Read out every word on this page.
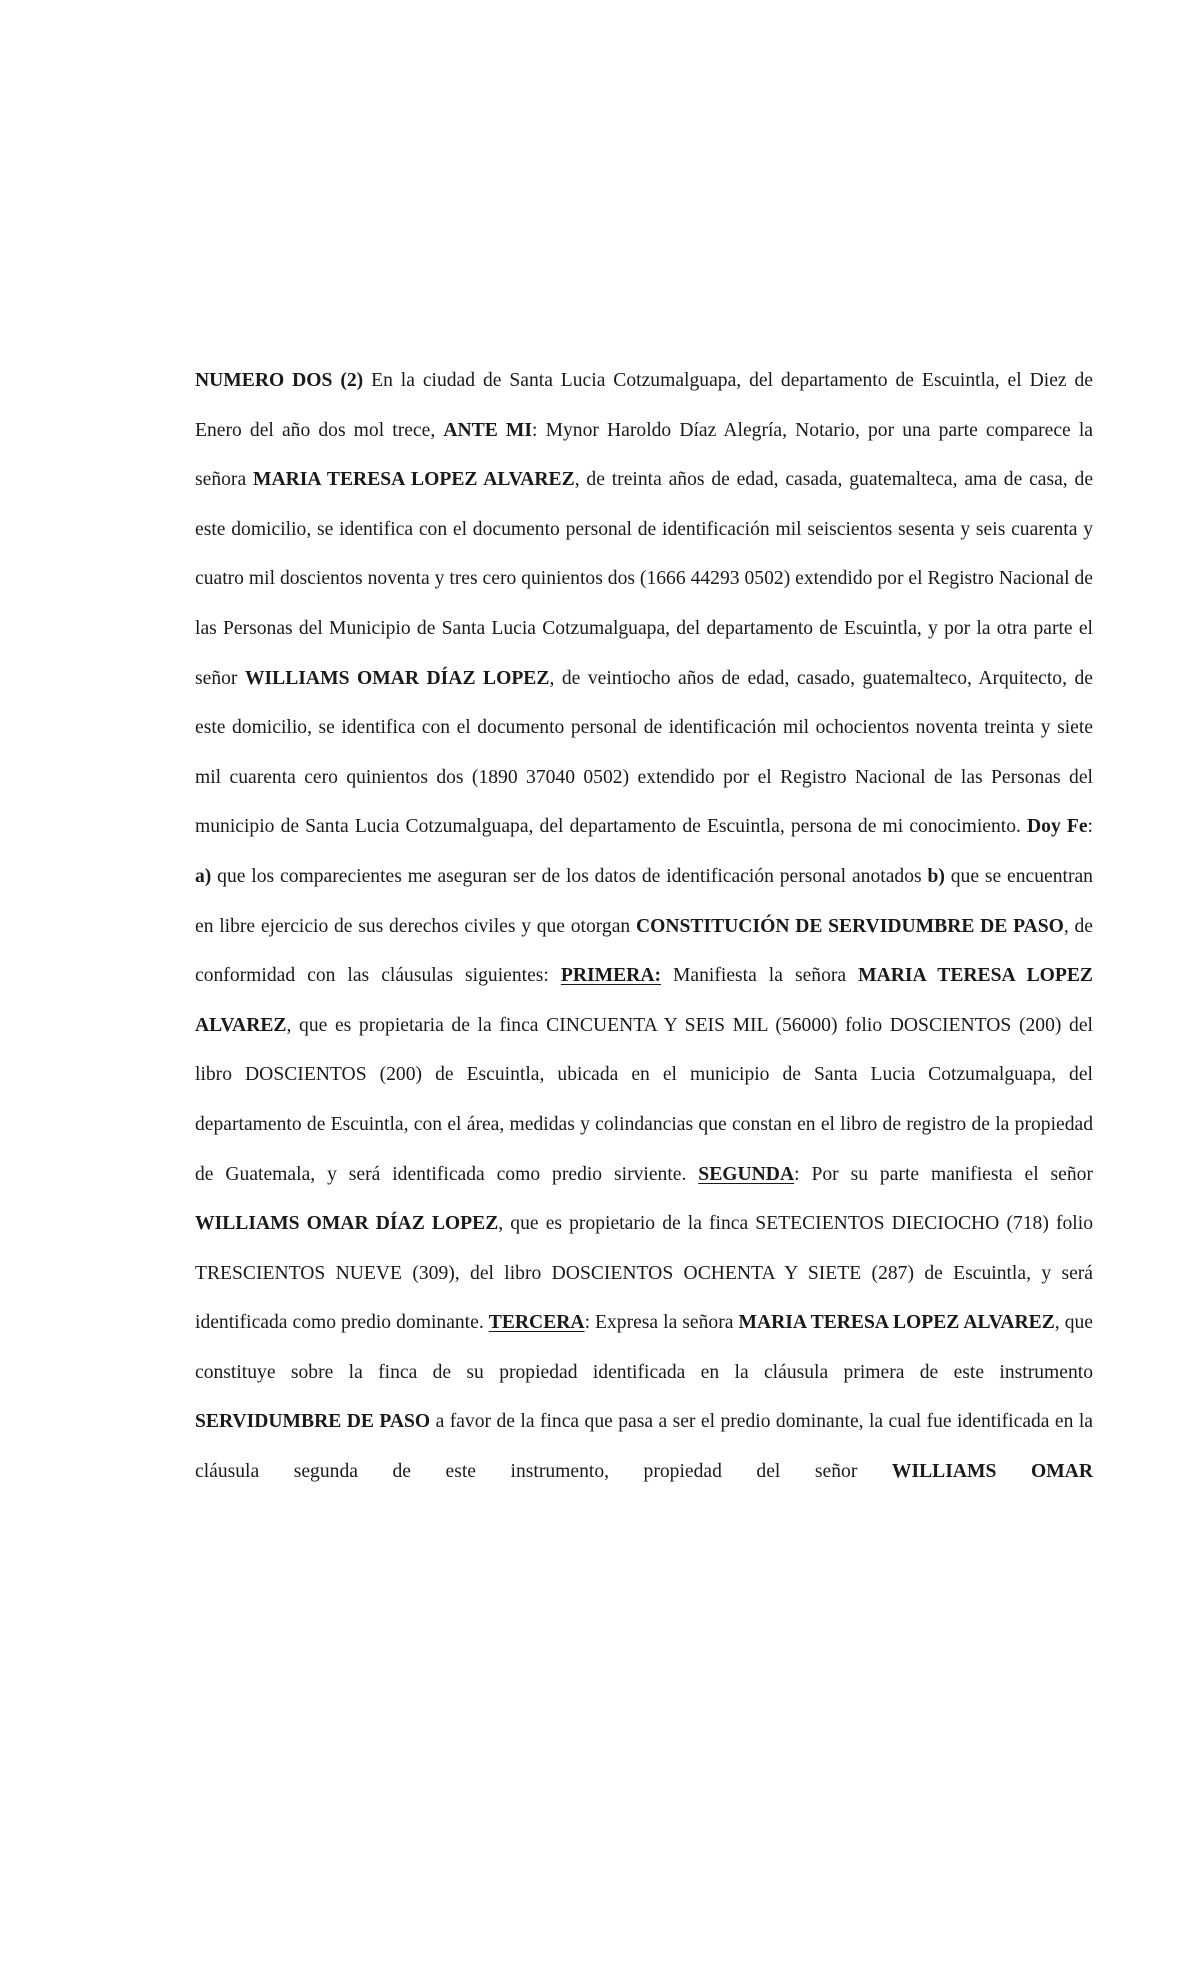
NUMERO DOS (2) En la ciudad de Santa Lucia Cotzumalguapa, del departamento de Escuintla, el Diez de Enero del año dos mol trece, ANTE MI: Mynor Haroldo Díaz Alegría, Notario, por una parte comparece la señora MARIA TERESA LOPEZ ALVAREZ, de treinta años de edad, casada, guatemalteca, ama de casa, de este domicilio, se identifica con el documento personal de identificación mil seiscientos sesenta y seis cuarenta y cuatro mil doscientos noventa y tres cero quinientos dos (1666 44293 0502) extendido por el Registro Nacional de las Personas del Municipio de Santa Lucia Cotzumalguapa, del departamento de Escuintla, y por la otra parte el señor WILLIAMS OMAR DÍAZ LOPEZ, de veintiocho años de edad, casado, guatemalteco, Arquitecto, de este domicilio, se identifica con el documento personal de identificación mil ochocientos noventa treinta y siete mil cuarenta cero quinientos dos (1890 37040 0502) extendido por el Registro Nacional de las Personas del municipio de Santa Lucia Cotzumalguapa, del departamento de Escuintla, persona de mi conocimiento. Doy Fe: a) que los comparecientes me aseguran ser de los datos de identificación personal anotados b) que se encuentran en libre ejercicio de sus derechos civiles y que otorgan CONSTITUCIÓN DE SERVIDUMBRE DE PASO, de conformidad con las cláusulas siguientes: PRIMERA: Manifiesta la señora MARIA TERESA LOPEZ ALVAREZ, que es propietaria de la finca CINCUENTA Y SEIS MIL (56000) folio DOSCIENTOS (200) del libro DOSCIENTOS (200) de Escuintla, ubicada en el municipio de Santa Lucia Cotzumalguapa, del departamento de Escuintla, con el área, medidas y colindancias que constan en el libro de registro de la propiedad de Guatemala, y será identificada como predio sirviente. SEGUNDA: Por su parte manifiesta el señor WILLIAMS OMAR DÍAZ LOPEZ, que es propietario de la finca SETECIENTOS DIECIOCHO (718) folio TRESCIENTOS NUEVE (309), del libro DOSCIENTOS OCHENTA Y SIETE (287) de Escuintla, y será identificada como predio dominante. TERCERA: Expresa la señora MARIA TERESA LOPEZ ALVAREZ, que constituye sobre la finca de su propiedad identificada en la cláusula primera de este instrumento SERVIDUMBRE DE PASO a favor de la finca que pasa a ser el predio dominante, la cual fue identificada en la cláusula segunda de este instrumento, propiedad del señor WILLIAMS OMAR
